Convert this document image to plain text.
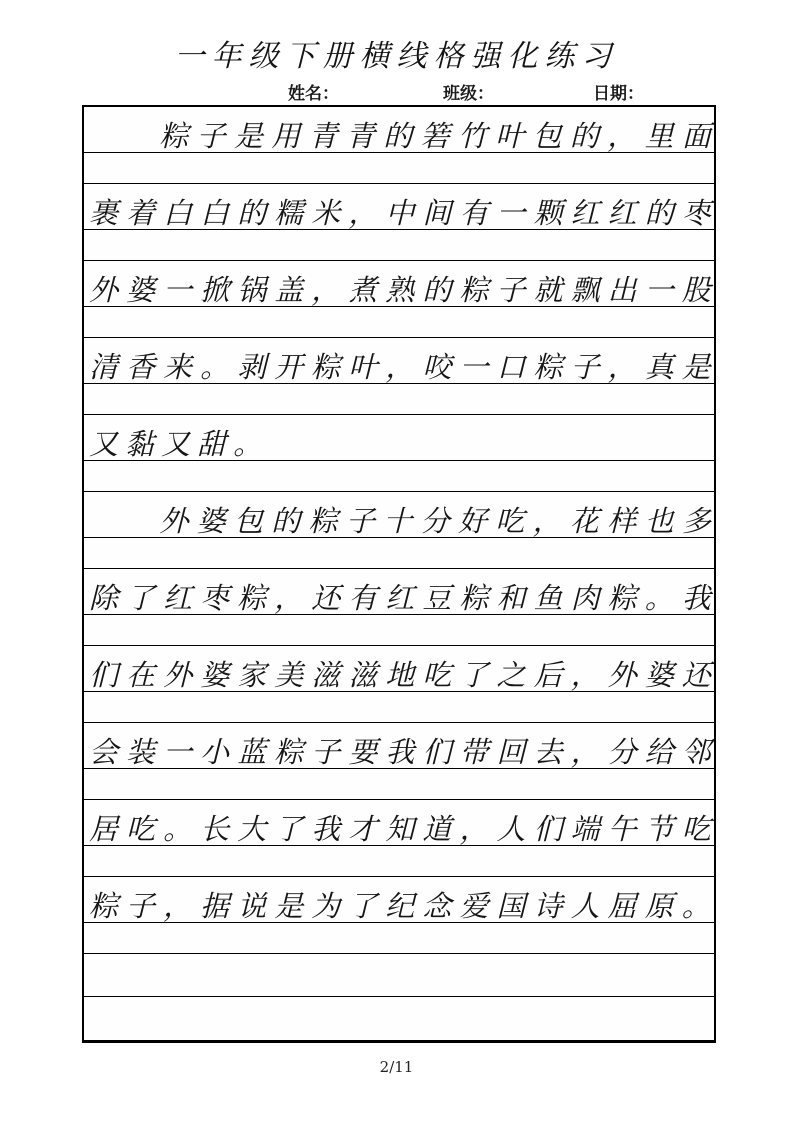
一年级下册横线格强化练习
姓名：	班级：	日期：
粽 子 是 用 青 青 的 箬 竹 叶 包 的 ， 里 面
裹 着 白 白 的 糯 米 ， 中 间 有 一 颗 红 红 的 枣
外 婆 一 掀 锅 盖 ， 煮 熟 的 粽 子 就 飘 出 一 股
清 香 来 。 剥 开 粽 叶 ， 咬 一 口 粽 子 ， 真 是
又 黏 又 甜 。
外 婆 包 的 粽 子 十 分 好 吃 ， 花 样 也 多
除 了 红 枣 粽 ， 还 有 红 豆 粽 和 鱼 肉 粽 。 我
们 在 外 婆 家 美 滋 滋 地 吃 了 之 后 ， 外 婆 还
会 装 一 小 蓝 粽 子 要 我 们 带 回 去 ， 分 给 邻
居 吃 。 长 大 了 我 才 知 道 ， 人 们 端 午 节 吃
粽 子 ， 据 说 是 为 了 纪 念 爱 国 诗 人 屈 原 。
2/11
